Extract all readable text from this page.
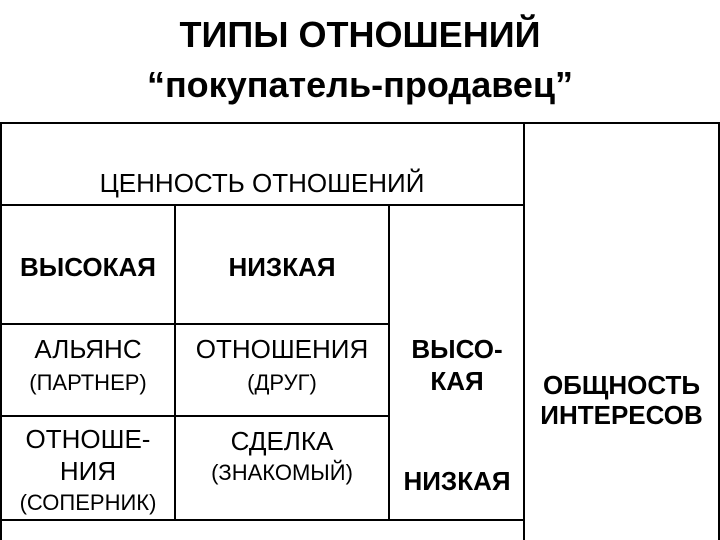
ТИПЫ ОТНОШЕНИЙ
“покупатель-продавец”
ЦЕННОСТЬ ОТНОШЕНИЙ
ВЫСОКАЯ	НИЗКАЯ
АЛЬЯНС
(ПАРТНЕР)
ОТНОШЕНИЯ
(ДРУГ)
ОТНОШЕ-
НИЯ
(СОПЕРНИК)
СДЕЛКА
(ЗНАКОМЫЙ)
ВЫСО-
КАЯ
НИЗКАЯ
ОБЩНОСТЬ
ИНТЕРЕСОВ
